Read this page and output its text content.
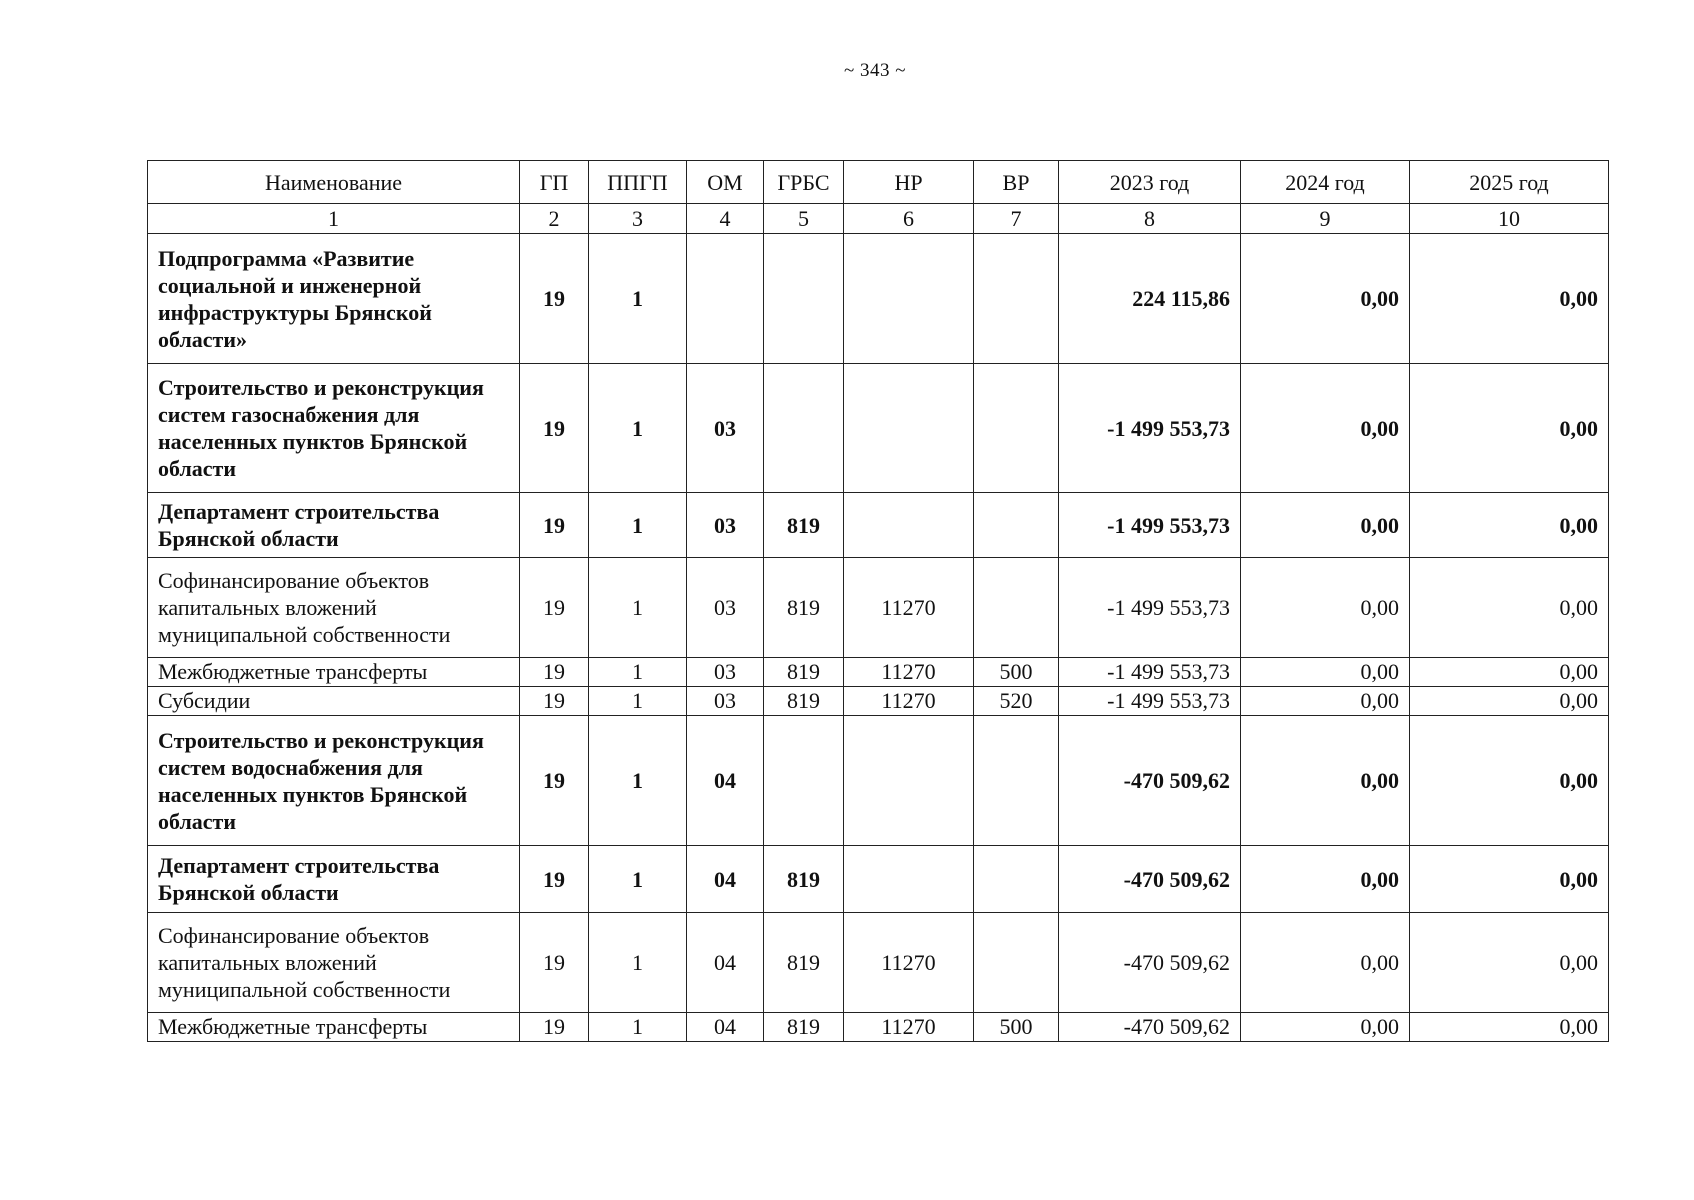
~ 343 ~
Наименование	ГП	ППГП	ОМ	ГРБС	НР	ВР	2023 год	2024 год	2025 год
1	2	3	4	5	6	7	8	9	10
Подпрограмма «Развитие социальной и инженерной инфраструктуры Брянской области»	19	1					224 115,86	0,00	0,00
Строительство и реконструкция систем газоснабжения для населенных пунктов Брянской области	19	1	03				-1 499 553,73	0,00	0,00
Департамент строительства Брянской области	19	1	03	819			-1 499 553,73	0,00	0,00
Софинансирование объектов капитальных вложений муниципальной собственности	19	1	03	819	11270		-1 499 553,73	0,00	0,00
Межбюджетные трансферты	19	1	03	819	11270	500	-1 499 553,73	0,00	0,00
Субсидии	19	1	03	819	11270	520	-1 499 553,73	0,00	0,00
Строительство и реконструкция систем водоснабжения для населенных пунктов Брянской области	19	1	04				-470 509,62	0,00	0,00
Департамент строительства Брянской области	19	1	04	819			-470 509,62	0,00	0,00
Софинансирование объектов капитальных вложений муниципальной собственности	19	1	04	819	11270		-470 509,62	0,00	0,00
Межбюджетные трансферты	19	1	04	819	11270	500	-470 509,62	0,00	0,00
